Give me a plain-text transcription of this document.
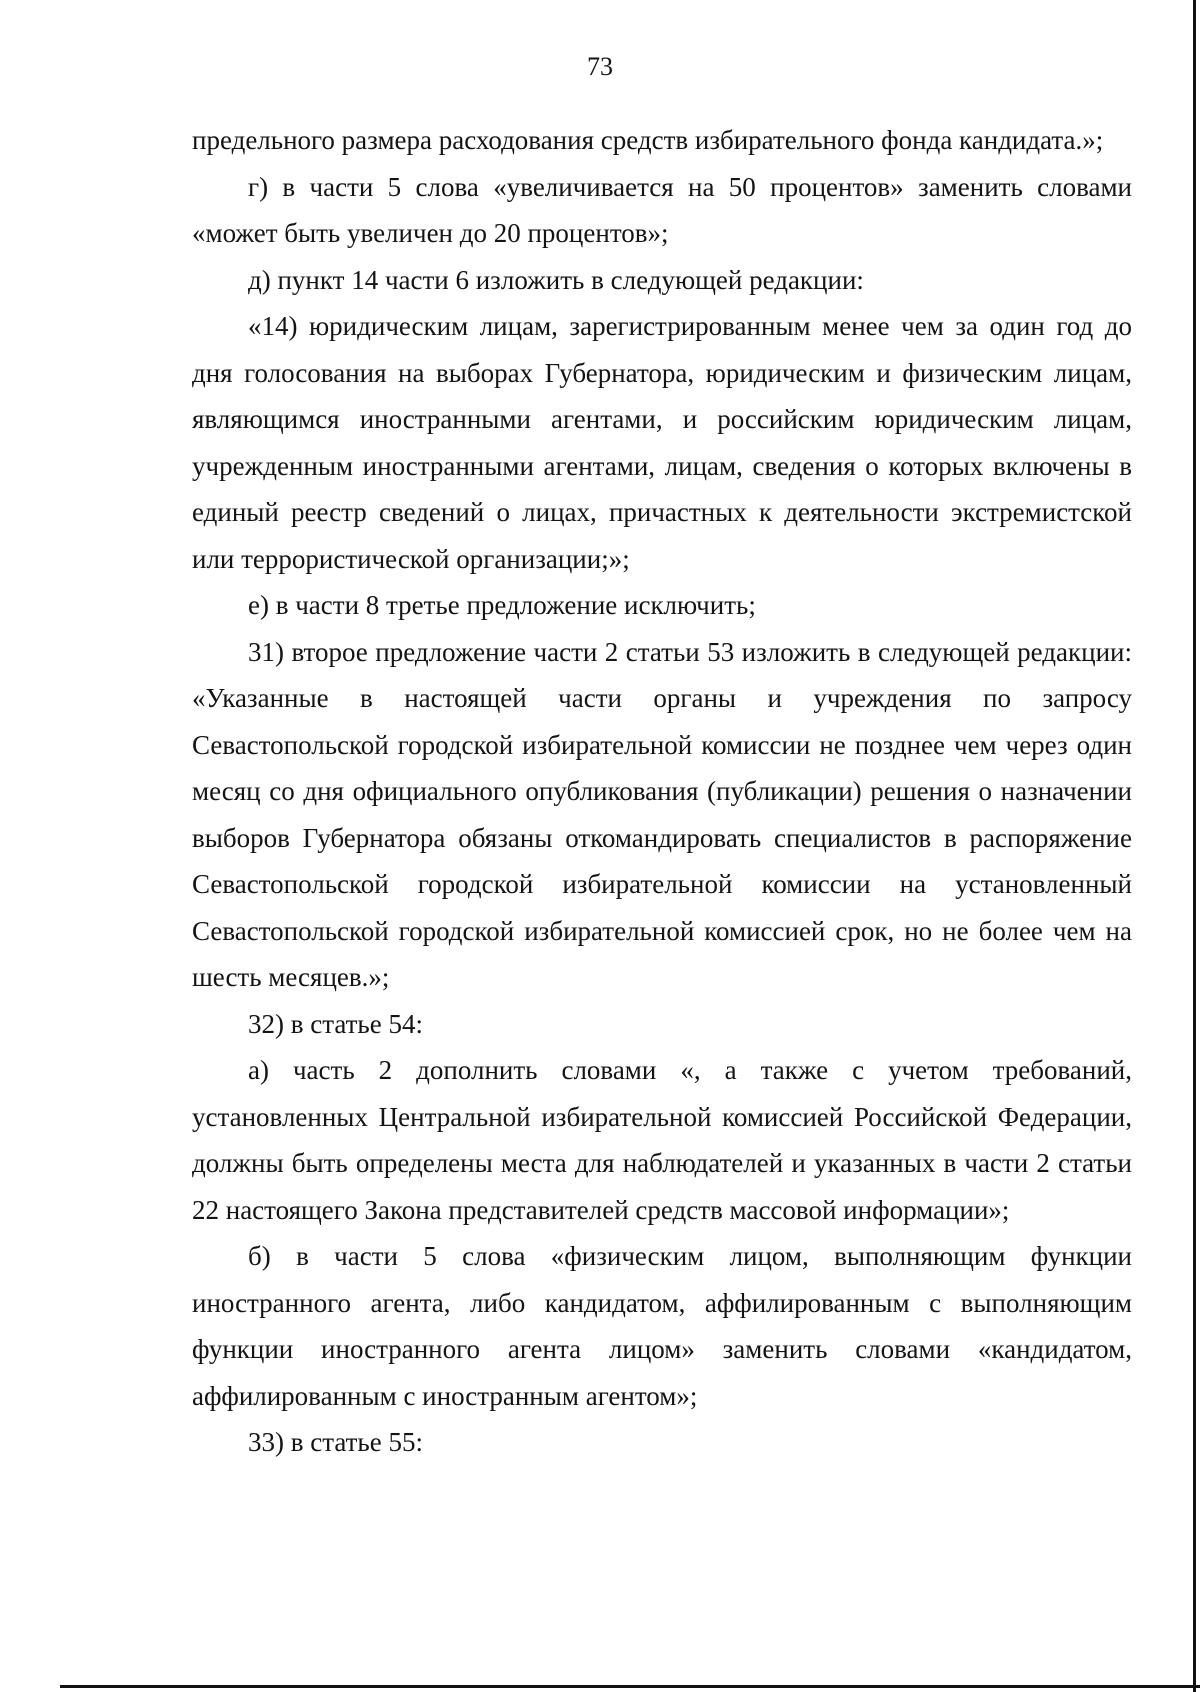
73

предельного размера расходования средств избирательного фонда кандидата.»;

г) в части 5 слова «увеличивается на 50 процентов» заменить словами «может быть увеличен до 20 процентов»;

д) пункт 14 части 6 изложить в следующей редакции:

«14) юридическим лицам, зарегистрированным менее чем за один год до дня голосования на выборах Губернатора, юридическим и физическим лицам, являющимся иностранными агентами, и российским юридическим лицам, учрежденным иностранными агентами, лицам, сведения о которых включены в единый реестр сведений о лицах, причастных к деятельности экстремистской или террористической организации;»;

е) в части 8 третье предложение исключить;

31) второе предложение части 2 статьи 53 изложить в следующей редакции: «Указанные в настоящей части органы и учреждения по запросу Севастопольской городской избирательной комиссии не позднее чем через один месяц со дня официального опубликования (публикации) решения о назначении выборов Губернатора обязаны откомандировать специалистов в распоряжение Севастопольской городской избирательной комиссии на установленный Севастопольской городской избирательной комиссией срок, но не более чем на шесть месяцев.»;

32) в статье 54:

а) часть 2 дополнить словами «, а также с учетом требований, установленных Центральной избирательной комиссией Российской Федерации, должны быть определены места для наблюдателей и указанных в части 2 статьи 22 настоящего Закона представителей средств массовой информации»;

б) в части 5 слова «физическим лицом, выполняющим функции иностранного агента, либо кандидатом, аффилированным с выполняющим функции иностранного агента лицом» заменить словами «кандидатом, аффилированным с иностранным агентом»;

33) в статье 55:
